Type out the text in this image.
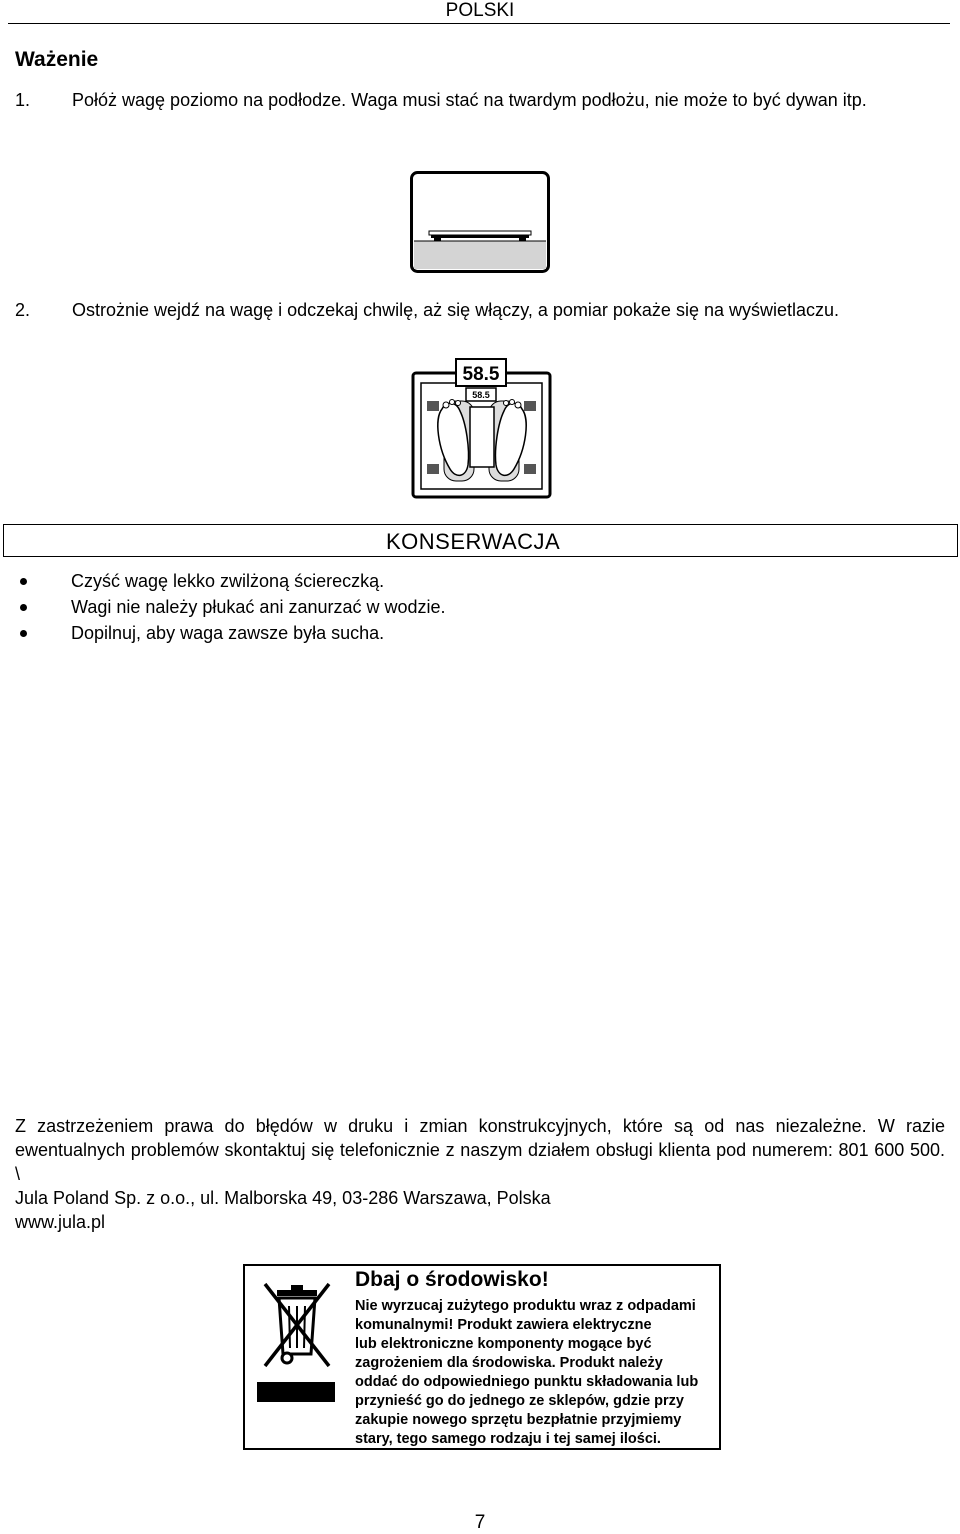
POLSKI
Ważenie
1. Połóż wagę poziomo na podłodze. Waga musi stać na twardym podłożu, nie może to być dywan itp.
2. Ostrożnie wejdź na wagę i odczekaj chwilę, aż się włączy, a pomiar pokaże się na wyświetlaczu.
58.5
58.5
KONSERWACJA
Czyść wagę lekko zwilżoną ściereczką.
Wagi nie należy płukać ani zanurzać w wodzie.
Dopilnuj, aby waga zawsze była sucha.

Z zastrzeżeniem prawa do błędów w druku i zmian konstrukcyjnych, które są od nas niezależne. W razie ewentualnych problemów skontaktuj się telefonicznie z naszym działem obsługi klienta pod numerem: 801 600 500. \

Jula Poland Sp. z o.o., ul. Malborska 49, 03-286 Warszawa, Polska

www.jula.pl

Dbaj o środowisko!

Nie wyrzucaj zużytego produktu wraz z odpadami

komunalnymi! Produkt zawiera elektryczne

lub elektroniczne komponenty mogące być

zagrożeniem dla środowiska. Produkt należy

oddać do odpowiedniego punktu składowania lub

przynieść go do jednego ze sklepów, gdzie przy

zakupie nowego sprzętu bezpłatnie przyjmiemy

stary, tego samego rodzaju i tej samej ilości.

7
